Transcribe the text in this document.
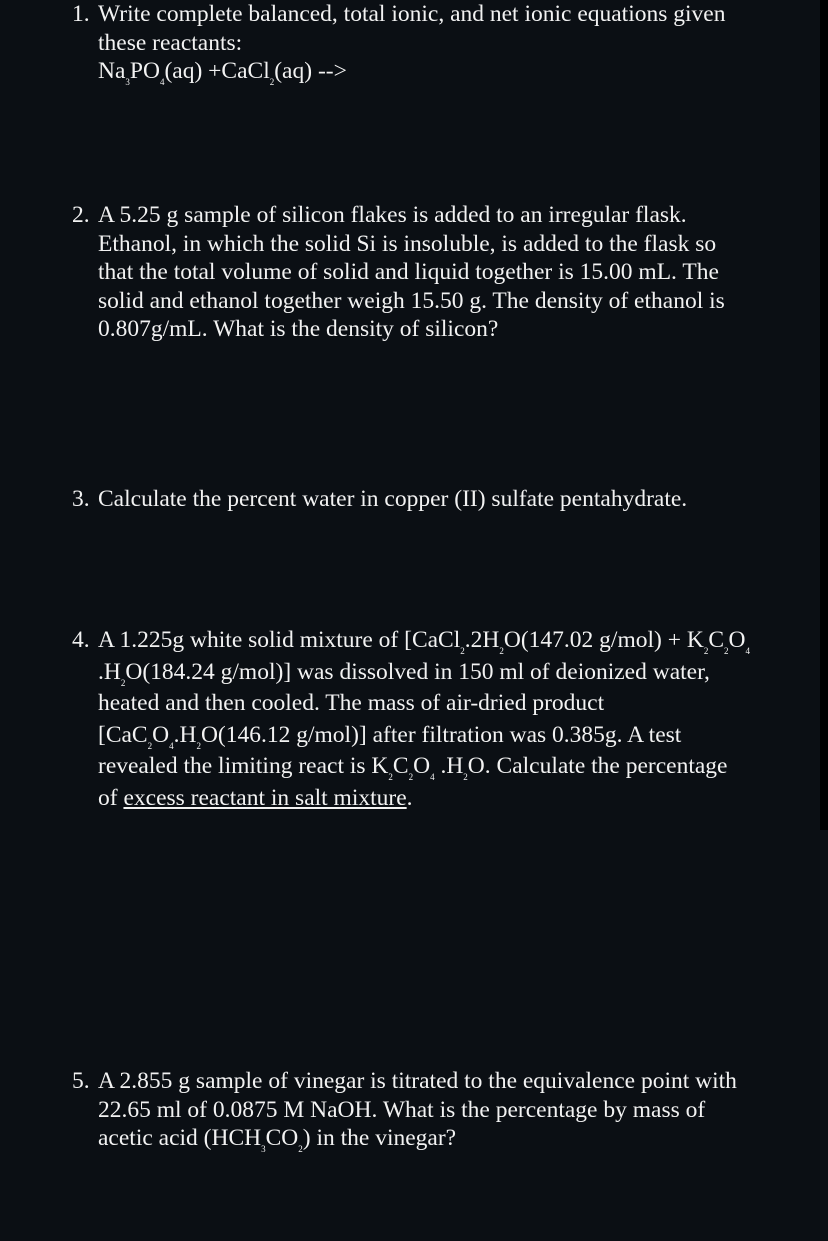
1. Write complete balanced, total ionic, and net ionic equations given
these reactants:
$Na_3PO_4(aq)$ +CaCl$_2$(aq) -->
2. A 5.25 g sample of silicon flakes is added to an irregular flask.
Ethanol, in which the solid Si is insoluble, is added to the flask so
that the total volume of solid and liquid together is 15.00 mL. The
solid and ethanol together weigh 15.50 g. The density of ethanol is
0.807g/mL. What is the density of silicon?
3. Calculate the percent water in copper (II) sulfate pentahydrate.
4. A 1.225g white solid mixture of [$CaCl_2.2H_2O(147.02$ $g/mol) + K_2C_2O_4$
$.H_2O(184.24$ g/mol)] was dissolved in 150 ml of deionized water,
heated and then cooled. The mass of air-dried product
[$CaC_2O_4.H_2O(146.12$ g/mol)] after filtration was 0.385g. A test
revealed the limiting react is $K_2C_2O_4$ $.H_2O$. Calculate the percentage
of excess reactant in salt mixture.
5. A 2.855 g sample of vinegar is titrated to the equivalence point with
22.65 ml of 0.0875 M NaOH. What is the percentage by mass of
acetic acid $(HCH_3CO_2)$ in the vinegar?
